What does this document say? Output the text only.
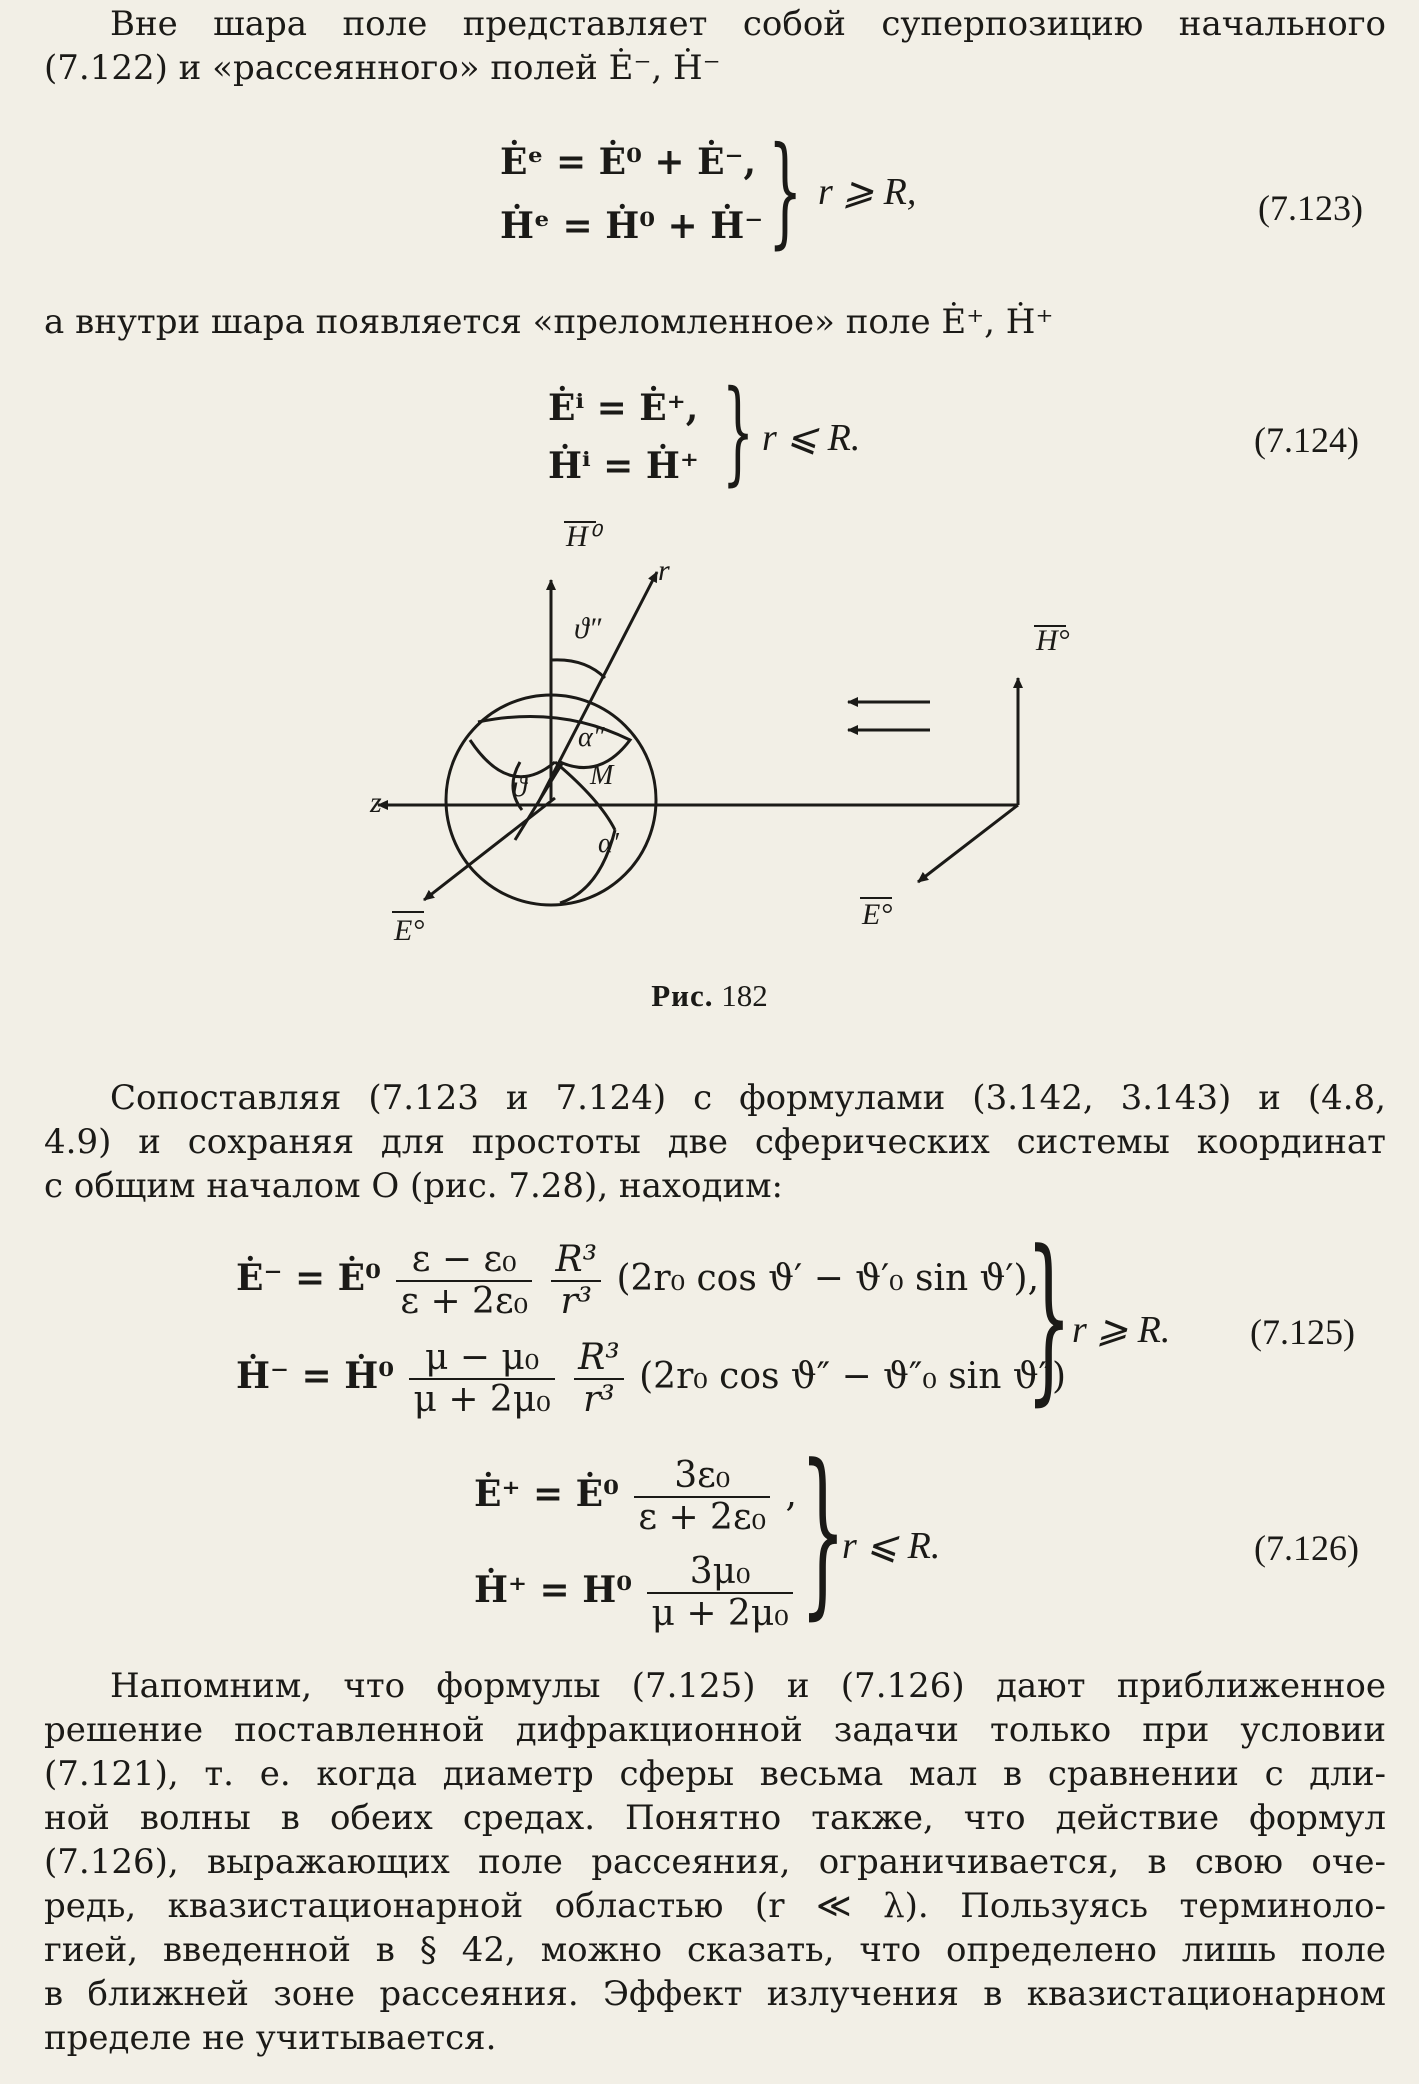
Вне шара поле представляет собой суперпозицию начального
(7.122) и «рассеянного» полей Ė⁻, Ḣ⁻

Ėᵉ = Ė⁰ + Ė⁻,
Ḣᵉ = Ḣ⁰ + Ḣ⁻ } r ⩾ R,	(7.123)

а внутри шара появляется «преломленное» поле Ė⁺, Ḣ⁺

Ėⁱ = Ė⁺,
Ḣⁱ = Ḣ⁺ } r ⩽ R.	(7.124)
H⁰
r
ϑ″
α″
M
ϑ
α′
z
E°
H°
E°
Рис. 182

Сопоставляя (7.123 и 7.124) с формулами (3.142, 3.143) и (4.8,
4.9) и сохраняя для простоты две сферических системы координат
с общим началом O (рис. 7.28), находим:

Ė⁻ = Ė⁰ $\frac{\text{ε − ε₀}}{\text{ε + 2ε₀}}$
$\frac{\text{R³}}{\text{r³}} (2r_0$ cos ϑ′ − ϑ′₀ sin ϑ′),
Ḣ⁻ = Ḣ⁰ $\frac{\text{μ − μ₀}}{\text{μ + 2μ₀}}$
$\frac{\text{R³}}{\text{r³}} (2r_0$ cos ϑ″ − ϑ″₀ sin ϑ″)
} r ⩾ R. (7.125)
Ė⁺ = Ė⁰ $\frac{\text{3ε₀}}{\text{ε + 2ε₀}}$ ,
Ḣ⁺ = $H^0 \frac{\text{3μ₀}}{\text{μ + 2μ₀}}$ }
r ⩽ R.	(7.126)

Напомним, что формулы (7.125) и (7.126) дают приближенное
решение поставленной дифракционной задачи только при условии
(7.121), т. е. когда диаметр сферы весьма мал в сравнении с дли-
ной волны в обеих средах. Понятно также, что действие формул
(7.126), выражающих поле рассеяния, ограничивается, в свою оче-
редь, квазистационарной областью (r ≪ λ). Пользуясь терминоло-
гией, введенной в § 42, можно сказать, что определено лишь поле
в ближней зоне рассеяния. Эффект излучения в квазистационарном
пределе не учитывается.
